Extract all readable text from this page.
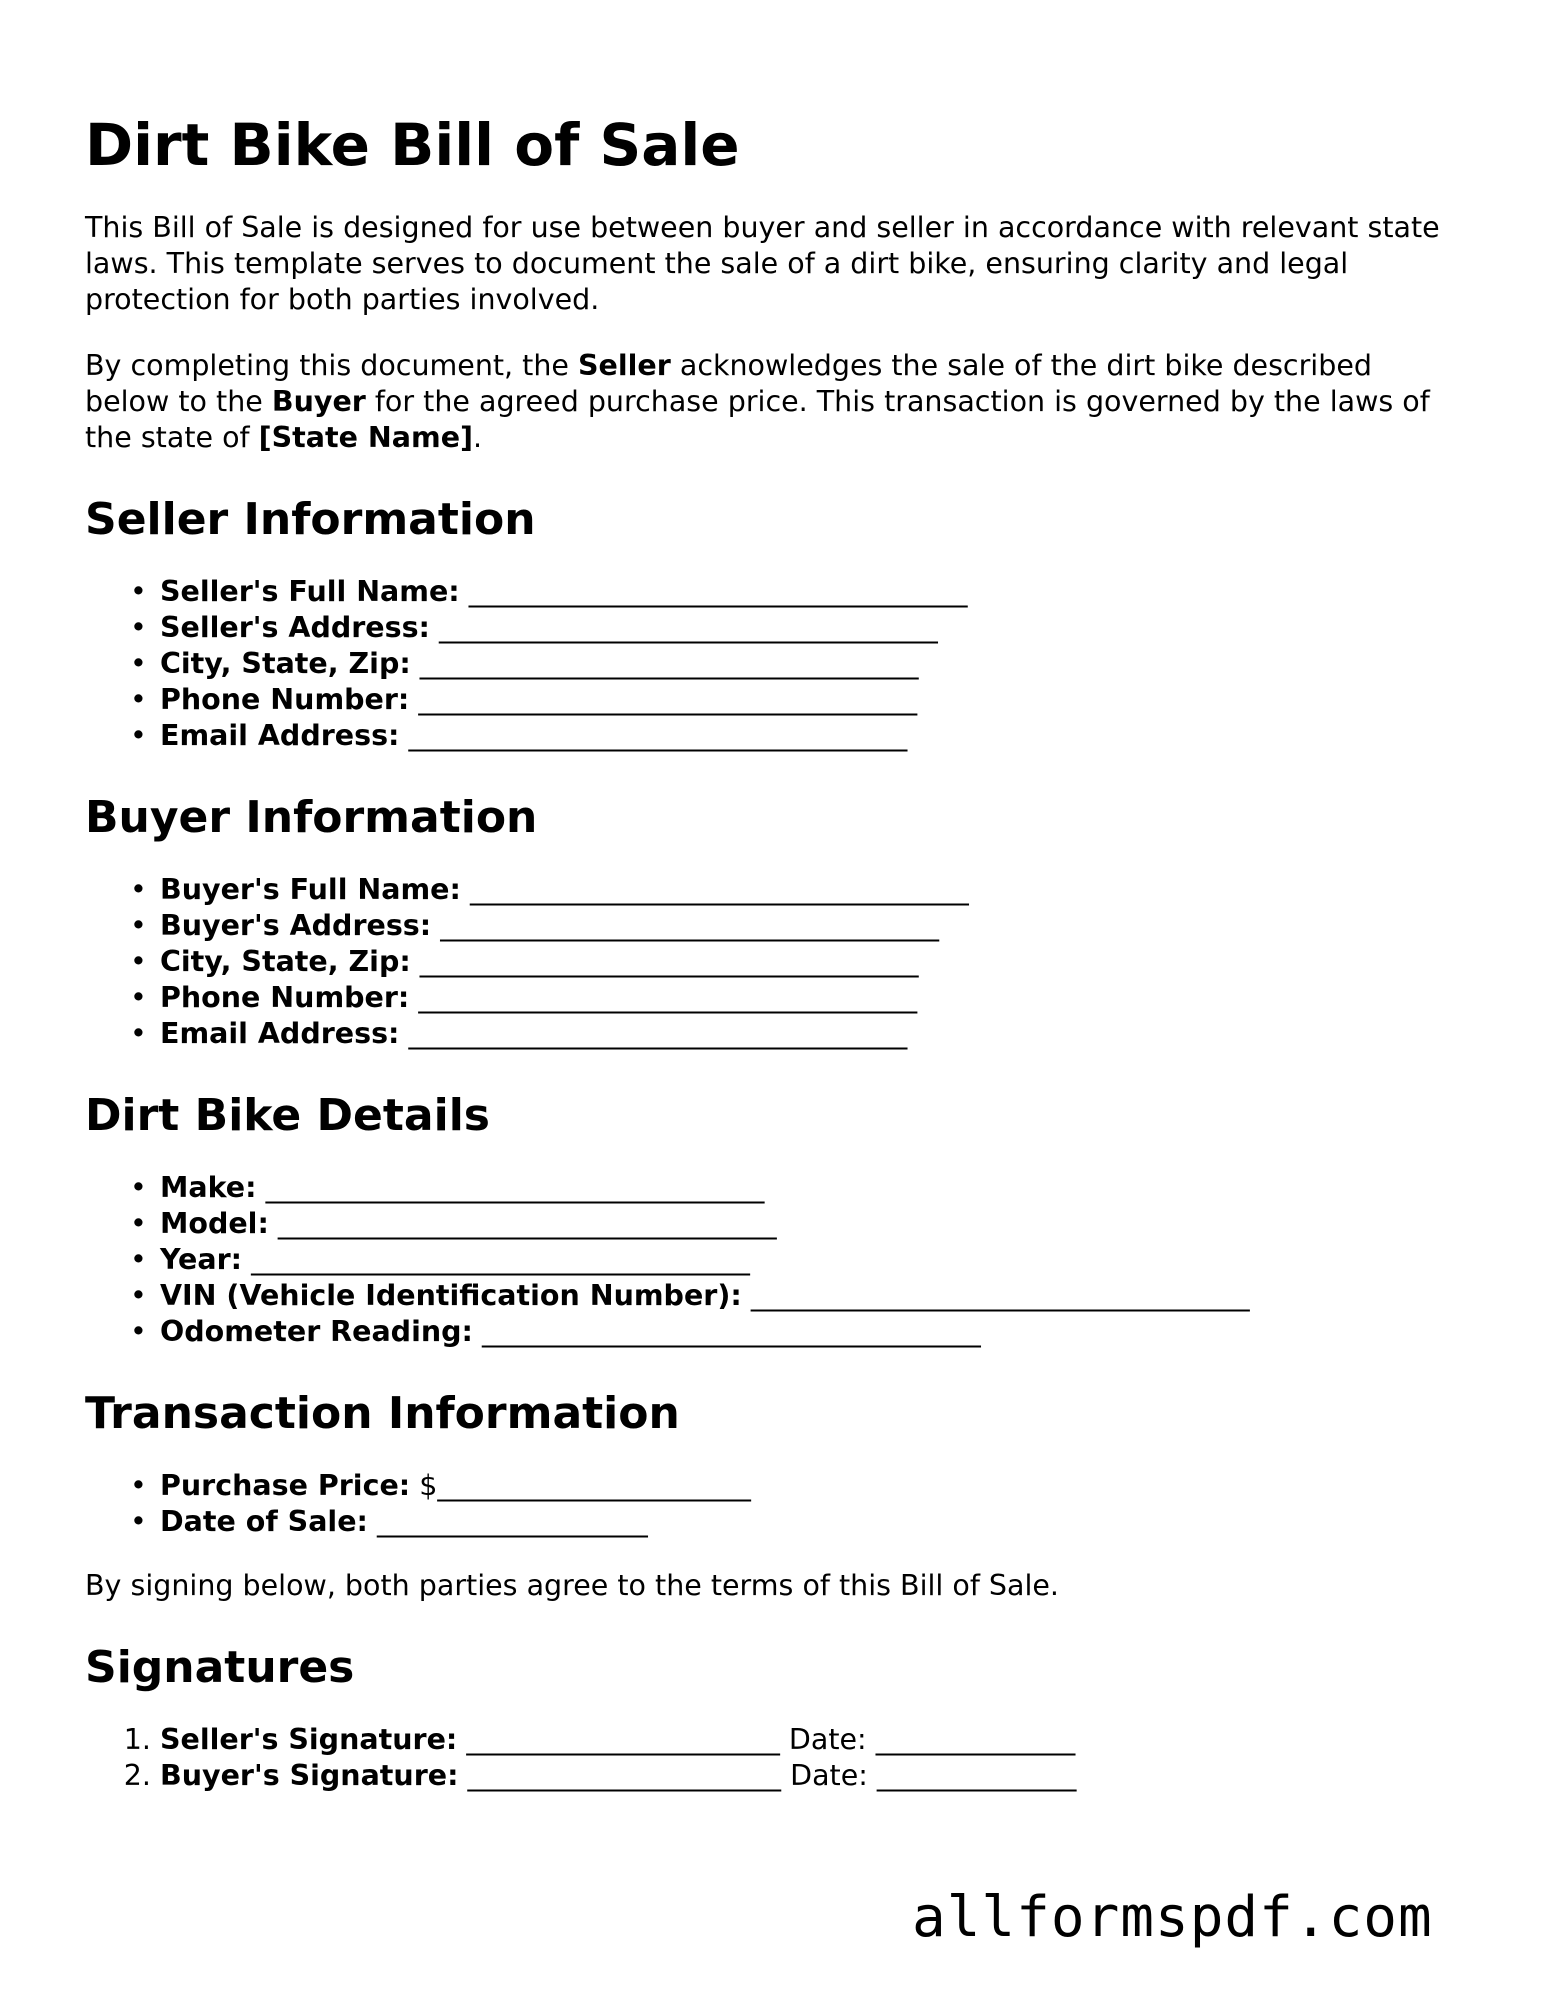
Dirt Bike Bill of Sale

This Bill of Sale is designed for use between buyer and seller in accordance with relevant state laws. This template serves to document the sale of a dirt bike, ensuring clarity and legal protection for both parties involved.

By completing this document, the Seller acknowledges the sale of the dirt bike described below to the Buyer for the agreed purchase price. This transaction is governed by the laws of the state of [State Name].

Seller Information
• Seller's Full Name: ___________________________________
• Seller's Address: ___________________________________
• City, State, Zip: ___________________________________
• Phone Number: ___________________________________
• Email Address: ___________________________________
Buyer Information
• Buyer's Full Name: ___________________________________
• Buyer's Address: ___________________________________
• City, State, Zip: ___________________________________
• Phone Number: ___________________________________
• Email Address: ___________________________________
Dirt Bike Details
• Make: ___________________________________
• Model: ___________________________________
• Year: ___________________________________
• VIN (Vehicle Identification Number): ___________________________________
• Odometer Reading: ___________________________________
Transaction Information
• Purchase Price: $______________________
• Date of Sale: ___________________

By signing below, both parties agree to the terms of this Bill of Sale.

Signatures
1. Seller's Signature: ______________________ Date: ______________
2. Buyer's Signature: ______________________ Date: ______________
allformspdf.com
